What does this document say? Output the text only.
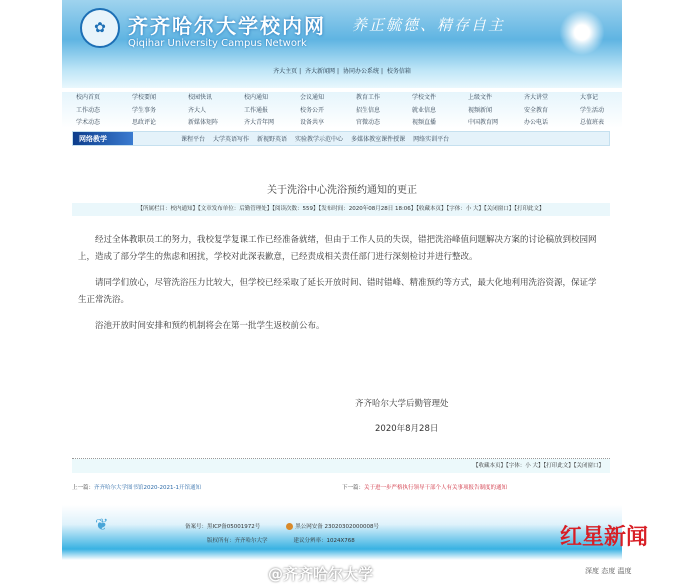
✿	齐齐哈尔大学校内网
Qiqihar University Campus Network
养正毓德、精存自主
齐大主页 | 齐大新闻网 | 协同办公系统 | 校务信箱
校内首页	学校要闻	校园快讯	校内通知	会议通知	教育工作	学校文件	上级文件	齐大讲堂	大事记
工作动态	学生事务	齐大人	工作通报	校务公开	招生信息	就业信息	视频新闻	安全教育	学生活动
学术动态	思政评论	新媒体矩阵	齐大青年网	设备共享	官微动态	视频直播	中国教育网	办公电话	总值班表
网络教学	课程平台 大学英语写作 新视野英语 实验教学示范中心 多媒体教室课件授课 网络实训平台
关于洗浴中心洗浴预约通知的更正
【所属栏目：校内通知】【文章发布单位：后勤管理处】【阅读次数：559】【发布时间：2020年08月28日 18:06】【收藏本页】【字体：小 大】【关闭窗口】【打印此文】

经过全体教职员工的努力，我校复学复课工作已经准备就绪，但由于工作人员的失误，错把洗浴峰值问题解决方案的讨论稿放到校园网上，造成了部分学生的焦虑和困扰，学校对此深表歉意，已经责成相关责任部门进行深刻检讨并进行整改。

请同学们放心，尽管洗浴压力比较大，但学校已经采取了延长开放时间、错时错峰、精准预约等方式，最大化地利用洗浴资源，保证学生正常洗浴。

浴池开放时间安排和预约机制将会在第一批学生返校前公布。

齐齐哈尔大学后勤管理处
2020年8月28日
【收藏本页】【字体：小 大】【打印此文】【关闭窗口】
上一篇：齐齐哈尔大学图书馆2020-2021-1开馆通知	下一篇：关于进一步严格执行领导干部个人有关事项报告制度的通知
❦	备案号：黑ICP备05001972号	黑公网安备 23020302000008号
版权所有：齐齐哈尔大学	建议分辨率：1024X768
@齐齐哈尔大学
红星新闻
深度 态度 温度
